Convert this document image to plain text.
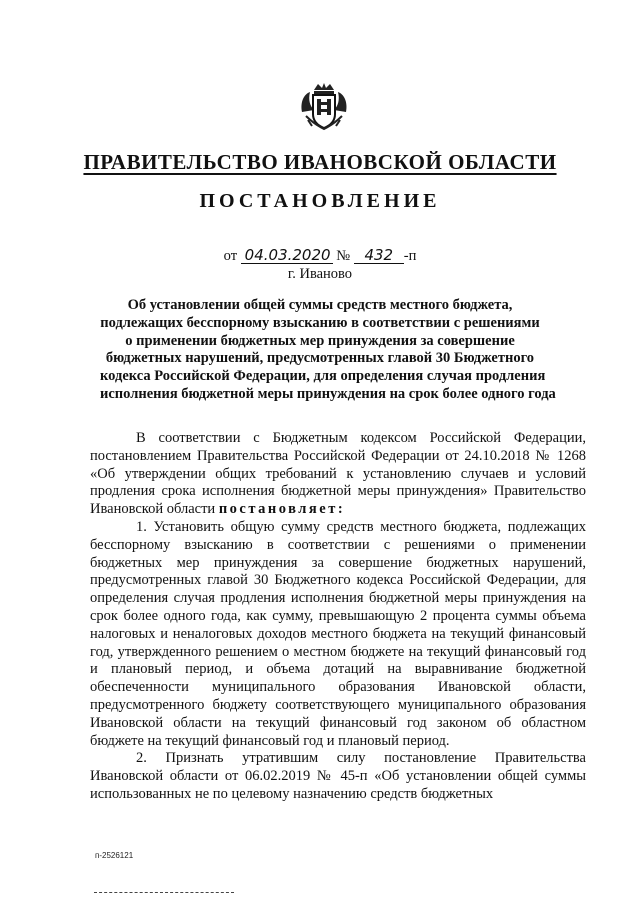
ПРАВИТЕЛЬСТВО ИВАНОВСКОЙ ОБЛАСТИ
ПОСТАНОВЛЕНИЕ
от 04.03.2020 № 432 -п
г. Иваново
Об установлении общей суммы средств местного бюджета,
подлежащих бесспорному взысканию в соответствии с решениями
о применении бюджетных мер принуждения за совершение
бюджетных нарушений, предусмотренных главой 30 Бюджетного
кодекса Российской Федерации, для определения случая продления
исполнения бюджетной меры принуждения на срок более одного года

В соответствии с Бюджетным кодексом Российской Федерации, постановлением Правительства Российской Федерации от 24.10.2018 № 1268 «Об утверждении общих требований к установлению случаев и условий продления срока исполнения бюджетной меры принуждения» Правительство Ивановской области постановляет:

1. Установить общую сумму средств местного бюджета, подлежащих бесспорному взысканию в соответствии с решениями о применении бюджетных мер принуждения за совершение бюджетных нарушений, предусмотренных главой 30 Бюджетного кодекса Российской Федерации, для определения случая продления исполнения бюджетной меры принуждения на срок более одного года, как сумму, превышающую 2 процента суммы объема налоговых и неналоговых доходов местного бюджета на текущий финансовый год, утвержденного решением о местном бюджете на текущий финансовый год и плановый период, и объема дотаций на выравнивание бюджетной обеспеченности муниципального образования Ивановской области, предусмотренного бюджету соответствующего муниципального образования Ивановской области на текущий финансовый год законом об областном бюджете на текущий финансовый год и плановый период.

2. Признать утратившим силу постановление Правительства Ивановской области от 06.02.2019 № 45-п «Об установлении общей суммы использованных не по целевому назначению средств бюджетных

п-2526121
